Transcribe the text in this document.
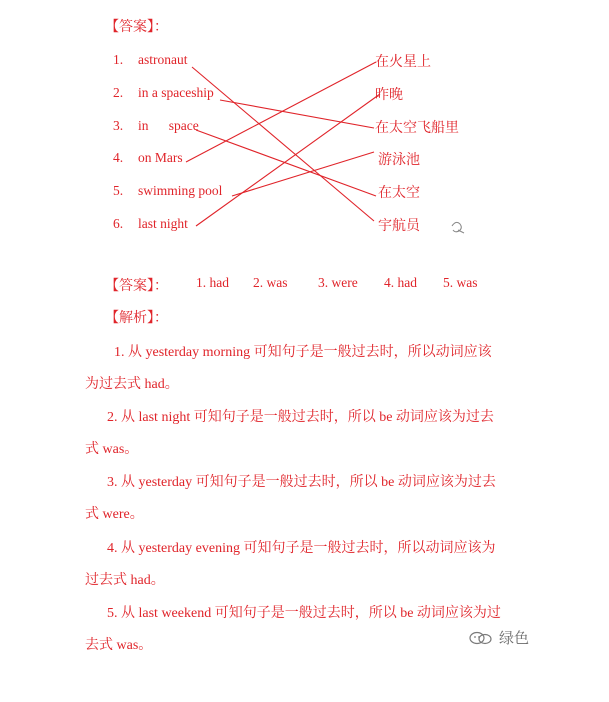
【答案】：
1. astronaut
2. in a spaceship
3. in      space
4. on Mars
5. swimming pool
6. last night
在火星上
昨晚
在太空飞船里
游泳池
在太空
宇航员
【答案】： 1. had 2. was 3. were 4. had 5. was
【解析】：
1. 从 yesterday morning 可知句子是一般过去时，所以动词应该
为过去式 had。
2. 从 last night 可知句子是一般过去时，所以 be 动词应该为过去
式 was。
3. 从 yesterday 可知句子是一般过去时，所以 be 动词应该为过去
式 were。
4. 从 yesterday evening 可知句子是一般过去时，所以动词应该为
过去式 had。
5. 从 last weekend 可知句子是一般过去时，所以 be 动词应该为过
去式 was。	绿色
